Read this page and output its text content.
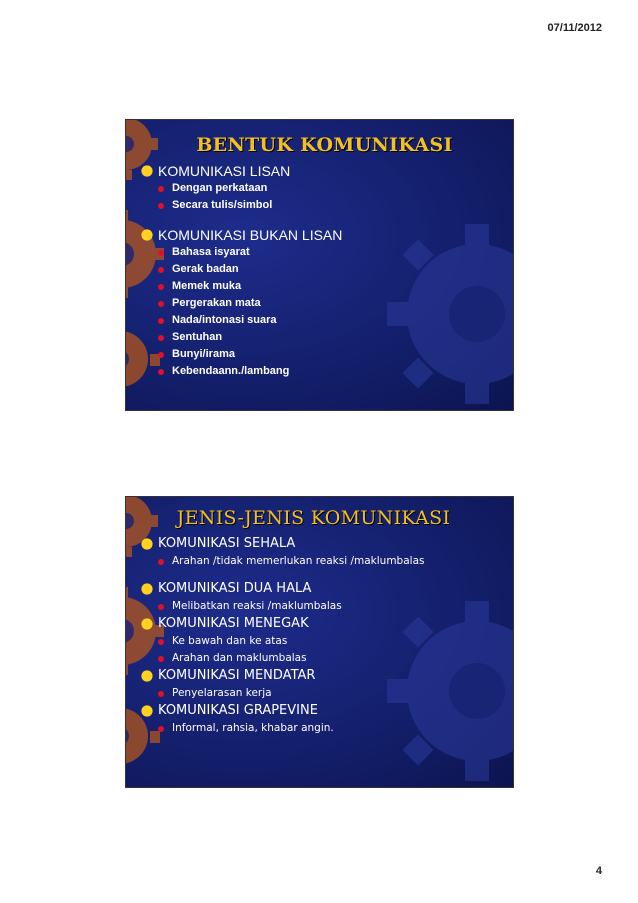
07/11/2012
BENTUK KOMUNIKASI
KOMUNIKASI LISAN
Dengan perkataan
Secara tulis/simbol
KOMUNIKASI BUKAN LISAN
Bahasa isyarat
Gerak badan
Memek muka
Pergerakan mata
Nada/intonasi suara
Sentuhan
Bunyi/irama
Kebendaann./lambang
JENIS-JENIS KOMUNIKASI
KOMUNIKASI SEHALA
Arahan /tidak memerlukan reaksi /maklumbalas
KOMUNIKASI DUA HALA
Melibatkan reaksi /maklumbalas
KOMUNIKASI MENEGAK
Ke bawah dan ke atas
Arahan dan maklumbalas
KOMUNIKASI MENDATAR
Penyelarasan kerja
KOMUNIKASI GRAPEVINE
Informal, rahsia, khabar angin.
4
